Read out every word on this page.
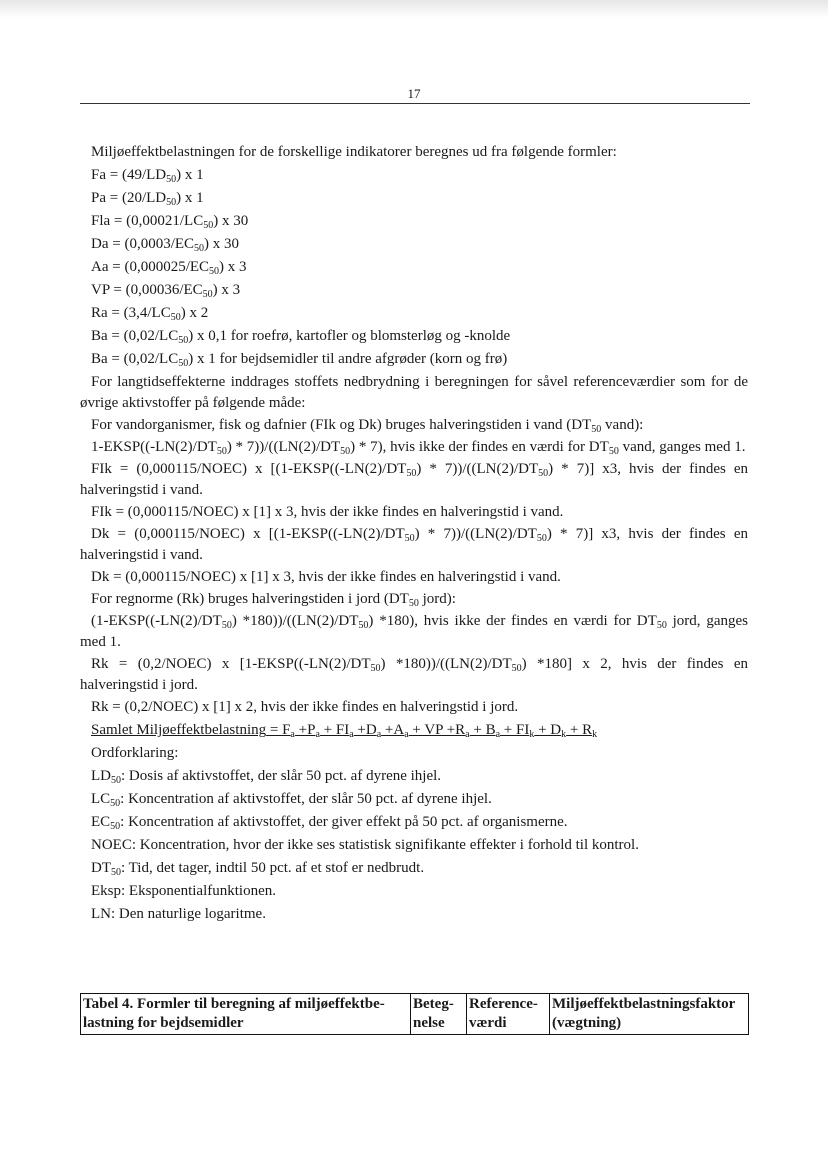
17

Miljøeffektbelastningen for de forskellige indikatorer beregnes ud fra følgende formler:

$Fa = (49/LD_{50})$ x 1

$Pa = (20/LD_{50})$ x 1

Fla = $(0,00021/LC_{50})$ x 30

$Da = (0,0003/EC_{50})$ x 30

$Aa = (0,000025/EC_{50})$ x 3

VP = $(0,00036/EC_{50})$ x 3

$Ra = (3,4/LC_{50})$ x 2

$Ba = (0,02/LC_{50})$ x 0,1 for roefrø, kartofler og blomsterløg og -knolde

$Ba = (0,02/LC_{50})$ x 1 for bejdsemidler til andre afgrøder (korn og frø)

For langtidseffekterne inddrages stoffets nedbrydning i beregningen for såvel referenceværdier som for de øvrige aktivstoffer på følgende måde:

For vandorganismer, fisk og dafnier (FIk og Dk) bruges halveringstiden i vand ($DT_{50}$ vand):

$1-EKSP((-LN(2)/DT_{50}) * 7))/((LN(2)/DT_{50}) * 7)$, hvis ikke der findes en værdi for $DT_{50}$ vand, ganges med 1.

FIk = (0,000115/NOEC) x $[(1-EKSP((-LN(2)/DT_{50}) * 7))/((LN(2)/DT_{50}) * 7)]$ x3, hvis der findes en halveringstid i vand.

FIk = (0,000115/NOEC) x [1] x 3, hvis der ikke findes en halveringstid i vand.

Dk = (0,000115/NOEC) x $[(1-EKSP((-LN(2)/DT_{50}) * 7))/((LN(2)/DT_{50}) * 7)]$ x3, hvis der findes en halveringstid i vand.

Dk = (0,000115/NOEC) x [1] x 3, hvis der ikke findes en halveringstid i vand.

For regnorme (Rk) bruges halveringstiden i jord ($DT_{50}$ jord):

($1-EKSP((-LN(2)/DT_{50})$ $*180))/((LN(2)/DT_{50})$ *180), hvis ikke der findes en værdi for $DT_{50}$ jord, ganges med 1.

Rk = (0,2/NOEC) x [$1-EKSP((-LN(2)/DT_{50})$ $*180))/((LN(2)/DT_{50})$ *180] x 2, hvis der findes en halveringstid i jord.

Rk = (0,2/NOEC) x [1] x 2, hvis der ikke findes en halveringstid i jord.

Samlet Miljøeffektbelastning = $F_a +P_a + FI_a +D_a +A_a$ + VP $+R_a + B_a + FI_k + D_k + R_k$

Ordforklaring:

$LD_{50}$: Dosis af aktivstoffet, der slår 50 pct. af dyrene ihjel.

$LC_{50}$: Koncentration af aktivstoffet, der slår 50 pct. af dyrene ihjel.

$EC_{50}$: Koncentration af aktivstoffet, der giver effekt på 50 pct. af organismerne.

NOEC: Koncentration, hvor der ikke ses statistisk signifikante effekter i forhold til kontrol.

$DT_{50}$: Tid, det tager, indtil 50 pct. af et stof er nedbrudt.

Eksp: Eksponentialfunktionen.

LN: Den naturlige logaritme.

Tabel 4. Formler til beregning af miljøeffektbe-lastning for bejdsemidler	Beteg-nelse	Reference-værdi	Miljøeffektbelastningsfaktor (vægtning)
